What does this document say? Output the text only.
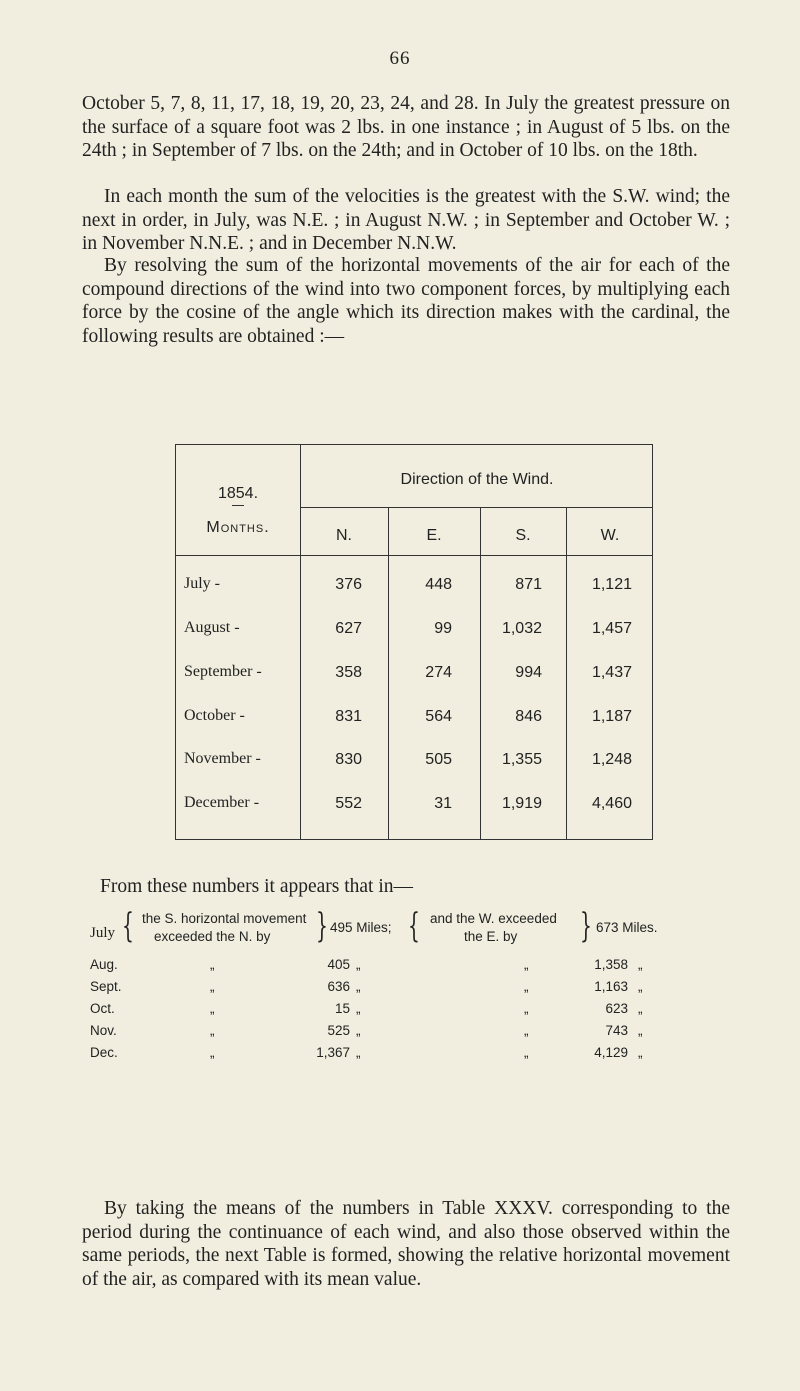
66

October 5, 7, 8, 11, 17, 18, 19, 20, 23, 24, and 28. In July the greatest pressure on the surface of a square foot was 2 lbs. in one instance ; in August of 5 lbs. on the 24th ; in September of 7 lbs. on the 24th; and in October of 10 lbs. on the 18th.

In each month the sum of the velocities is the greatest with the S.W. wind; the next in order, in July, was N.E. ; in August N.W. ; in September and October W. ; in November N.N.E. ; and in December N.N.W.

By resolving the sum of the horizontal movements of the air for each of the compound directions of the wind into two component forces, by multiplying each force by the cosine of the angle which its direction makes with the cardinal, the following results are obtained :—

1854.
Months.
Direction of the Wind.
N.	E.	S.	W.
July -	376	448	871	1,121
August -	627	99	1,032	1,457
September -	358	274	994	1,437
October -	831	564	846	1,187
November -	830	505	1,355	1,248
December -	552	31	1,919	4,460

From these numbers it appears that in—

July { the S. horizontal movement
exceeded the N. by } 495 Miles; { and the W. exceeded
the E. by } 673 Miles.
Aug.	„	405 „	„	1,358 „
Sept.	„	636 „	„	1,163 „
Oct.	„	15 „	„	623 „
Nov.	„	525 „	„	743 „
Dec.	„	1,367 „	„	4,129 „

By taking the means of the numbers in Table XXXV. corresponding to the period during the continuance of each wind, and also those observed within the same periods, the next Table is formed, showing the relative horizontal movement of the air, as compared with its mean value.
